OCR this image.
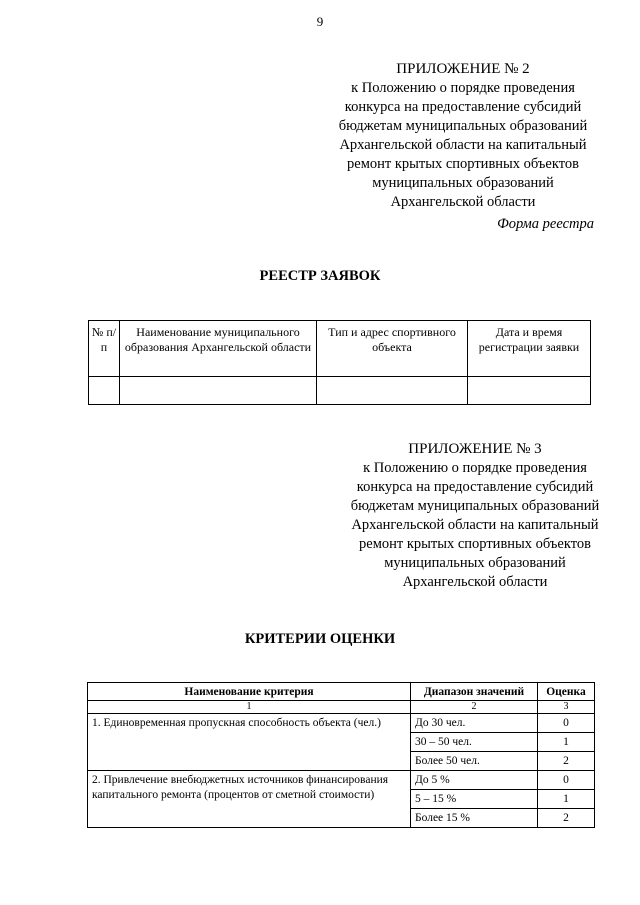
9
ПРИЛОЖЕНИЕ № 2
к Положению о порядке проведения
конкурса на предоставление субсидий
бюджетам муниципальных образований
Архангельской области на капитальный
ремонт крытых спортивных объектов
муниципальных образований
Архангельской области
Форма реестра
РЕЕСТР ЗАЯВОК
№ п/п	Наименование муниципального образования Архангельской области	Тип и адрес спортивного объекта	Дата и время регистрации заявки

ПРИЛОЖЕНИЕ № 3
к Положению о порядке проведения
конкурса на предоставление субсидий
бюджетам муниципальных образований
Архангельской области на капитальный
ремонт крытых спортивных объектов
муниципальных образований
Архангельской области
КРИТЕРИИ ОЦЕНКИ
Наименование критерия	Диапазон значений	Оценка
1	2	3
1. Единовременная пропускная способность объекта (чел.)	До 30 чел.	0
	30 – 50 чел.	1
	Более 50 чел.	2
2. Привлечение внебюджетных источников финансирования капитального ремонта (процентов от сметной стоимости)	До 5 %	0
	5 – 15 %	1
	Более 15 %	2
